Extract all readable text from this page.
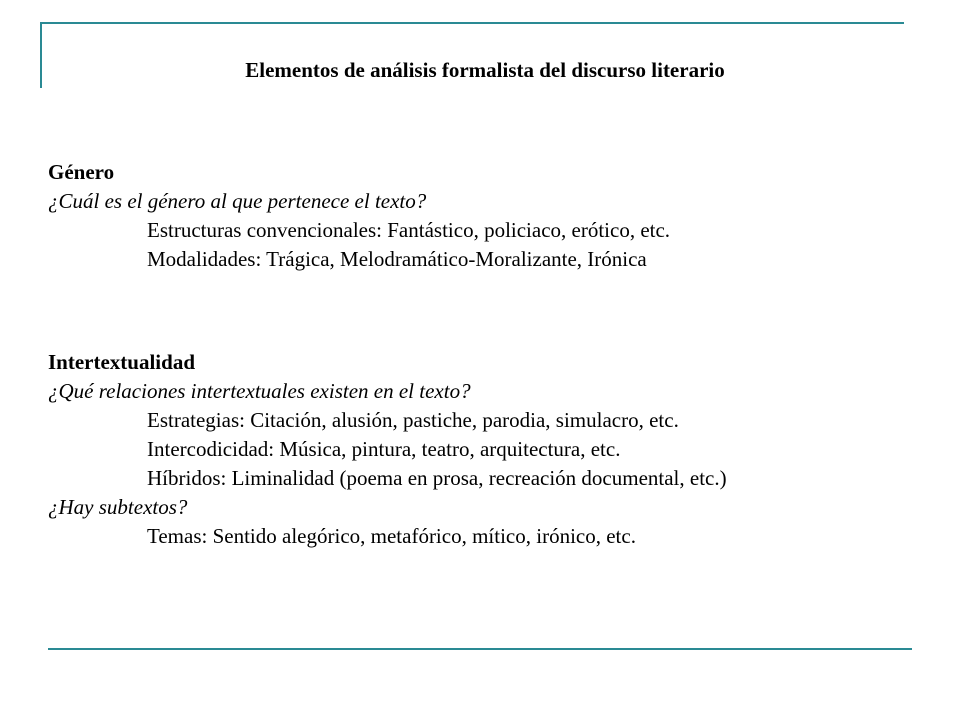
Elementos de análisis formalista del discurso literario
Género
¿Cuál es el género al que pertenece el texto?
Estructuras convencionales: Fantástico, policiaco, erótico, etc.
Modalidades: Trágica, Melodramático-Moralizante, Irónica
Intertextualidad
¿Qué relaciones intertextuales existen en el texto?
Estrategias: Citación, alusión, pastiche, parodia, simulacro, etc.
Intercodicidad: Música, pintura, teatro, arquitectura, etc.
Híbridos: Liminalidad (poema en prosa, recreación documental, etc.)
¿Hay subtextos?
Temas: Sentido alegórico, metafórico, mítico, irónico, etc.
